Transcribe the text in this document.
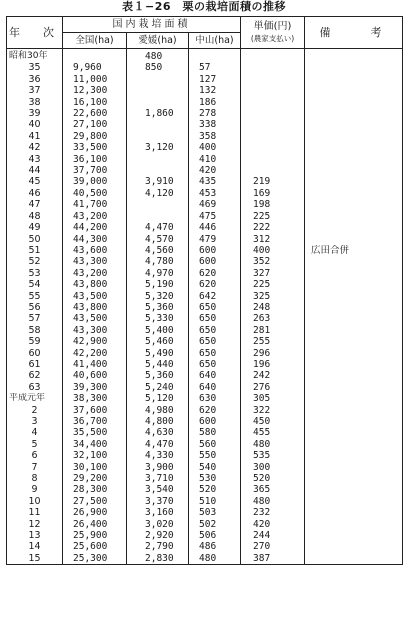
表１−26　栗の栽培面積の推移
年　次	国内栽培面積			単価(円)
(農家支払い)	備　　考
	全国(ha)	愛媛(ha)	中山(ha)		
昭和30年		480			
35	9,960	850	57		
36	11,000		127		
37	12,300		132		
38	16,100		186		
39	22,600	1,860	278		
40	27,100		338		
41	29,800		358		
42	33,500	3,120	400		
43	36,100		410		
44	37,700		420		
45	39,000	3,910	435	219	
46	40,500	4,120	453	169	
47	41,700		469	198	
48	43,200		475	225	
49	44,200	4,470	446	222	
50	44,300	4,570	479	312	
51	43,600	4,560	600	400	広田合併
52	43,300	4,780	600	352	
53	43,200	4,970	620	327	
54	43,800	5,190	620	225	
55	43,500	5,320	642	325	
56	43,800	5,360	650	248	
57	43,500	5,330	650	263	
58	43,300	5,400	650	281	
59	42,900	5,460	650	255	
60	42,200	5,490	650	296	
61	41,400	5,440	650	196	
62	40,600	5,360	640	242	
63	39,300	5,240	640	276	
平成元年	38,300	5,120	630	305	
2	37,600	4,980	620	322	
3	36,700	4,800	600	450	
4	35,500	4,630	580	455	
5	34,400	4,470	560	480	
6	32,100	4,330	550	535	
7	30,100	3,900	540	300	
8	29,200	3,710	530	520	
9	28,300	3,540	520	365	
10	27,500	3,370	510	480	
11	26,900	3,160	503	232	
12	26,400	3,020	502	420	
13	25,900	2,920	506	244	
14	25,600	2,790	486	270	
15	25,300	2,830	480	387	
